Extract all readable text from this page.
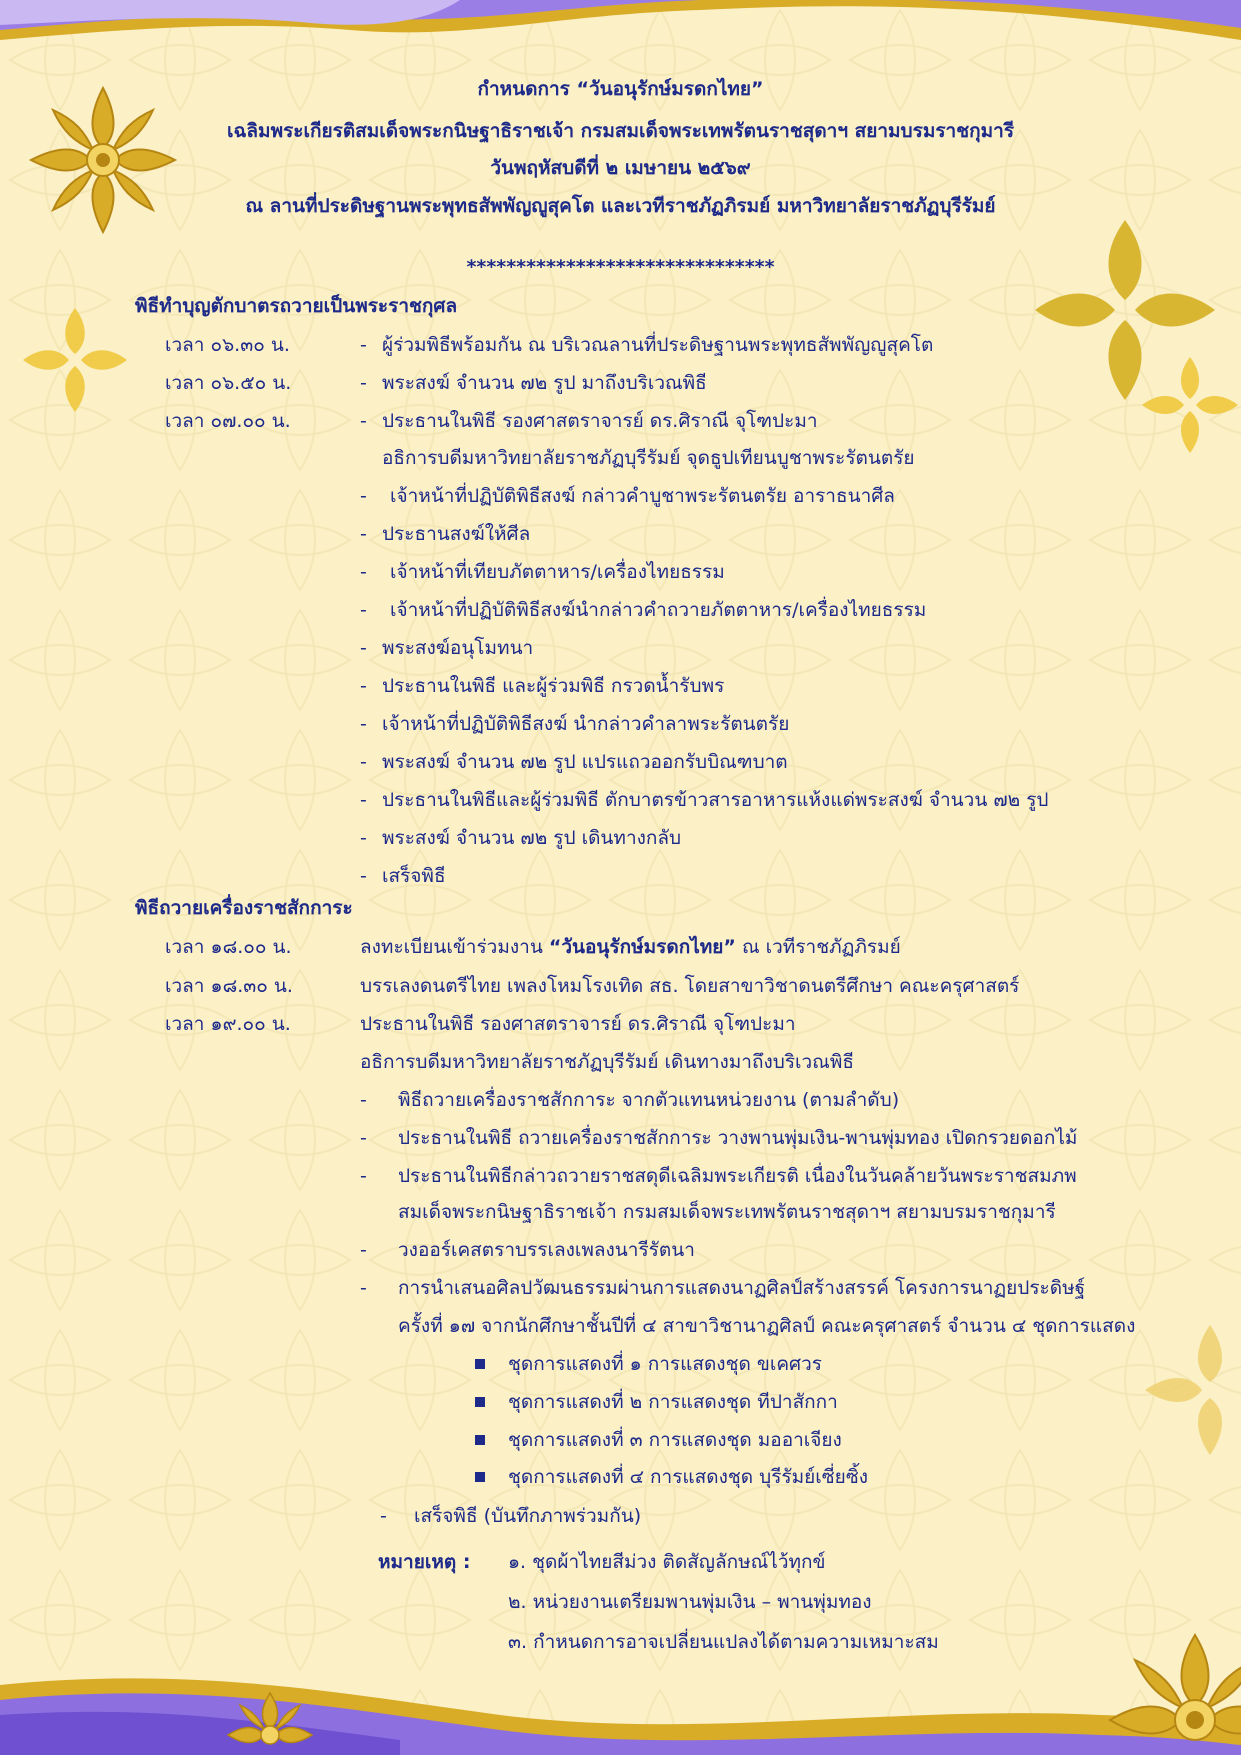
กำหนดการ “วันอนุรักษ์มรดกไทย”
เฉลิมพระเกียรติสมเด็จพระกนิษฐาธิราชเจ้า กรมสมเด็จพระเทพรัตนราชสุดาฯ สยามบรมราชกุมารี
วันพฤหัสบดีที่ ๒ เมษายน ๒๕๖๙
ณ ลานที่ประดิษฐานพระพุทธสัพพัญญูสุคโต และเวทีราชภัฏภิรมย์ มหาวิทยาลัยราชภัฏบุรีรัมย์
*******************************
พิธีทำบุญตักบาตรถวายเป็นพระราชกุศล
เวลา ๐๖.๓๐ น.	- ผู้ร่วมพิธีพร้อมกัน ณ บริเวณลานที่ประดิษฐานพระพุทธสัพพัญญูสุคโต
เวลา ๐๖.๕๐ น.	- พระสงฆ์ จำนวน ๗๒ รูป มาถึงบริเวณพิธี
เวลา ๐๗.๐๐ น.	- ประธานในพิธี รองศาสตราจารย์ ดร.ศิราณี จุโฑปะมา
อธิการบดีมหาวิทยาลัยราชภัฏบุรีรัมย์ จุดธูปเทียนบูชาพระรัตนตรัย
- เจ้าหน้าที่ปฏิบัติพิธีสงฆ์ กล่าวคำบูชาพระรัตนตรัย อาราธนาศีล
- ประธานสงฆ์ให้ศีล
- เจ้าหน้าที่เทียบภัตตาหาร/เครื่องไทยธรรม
- เจ้าหน้าที่ปฏิบัติพิธีสงฆ์นำกล่าวคำถวายภัตตาหาร/เครื่องไทยธรรม
- พระสงฆ์อนุโมทนา
- ประธานในพิธี และผู้ร่วมพิธี กรวดน้ำรับพร
- เจ้าหน้าที่ปฏิบัติพิธีสงฆ์ นำกล่าวคำลาพระรัตนตรัย
- พระสงฆ์ จำนวน ๗๒ รูป แปรแถวออกรับบิณฑบาต
- ประธานในพิธีและผู้ร่วมพิธี ตักบาตรข้าวสารอาหารแห้งแด่พระสงฆ์ จำนวน ๗๒ รูป
- พระสงฆ์ จำนวน ๗๒ รูป เดินทางกลับ
- เสร็จพิธี
พิธีถวายเครื่องราชสักการะ
เวลา ๑๘.๐๐ น.	ลงทะเบียนเข้าร่วมงาน “วันอนุรักษ์มรดกไทย” ณ เวทีราชภัฏภิรมย์
เวลา ๑๘.๓๐ น.	บรรเลงดนตรีไทย เพลงโหมโรงเทิด สธ. โดยสาขาวิชาดนตรีศึกษา คณะครุศาสตร์
เวลา ๑๙.๐๐ น.	ประธานในพิธี รองศาสตราจารย์ ดร.ศิราณี จุโฑปะมา
อธิการบดีมหาวิทยาลัยราชภัฏบุรีรัมย์ เดินทางมาถึงบริเวณพิธี
- พิธีถวายเครื่องราชสักการะ จากตัวแทนหน่วยงาน (ตามลำดับ)
- ประธานในพิธี ถวายเครื่องราชสักการะ วางพานพุ่มเงิน-พานพุ่มทอง เปิดกรวยดอกไม้
- ประธานในพิธีกล่าวถวายราชสดุดีเฉลิมพระเกียรติ เนื่องในวันคล้ายวันพระราชสมภพ
สมเด็จพระกนิษฐาธิราชเจ้า กรมสมเด็จพระเทพรัตนราชสุดาฯ สยามบรมราชกุมารี
- วงออร์เคสตราบรรเลงเพลงนารีรัตนา
- การนำเสนอศิลปวัฒนธรรมผ่านการแสดงนาฏศิลป์สร้างสรรค์ โครงการนาฏยประดิษฐ์
ครั้งที่ ๑๗ จากนักศึกษาชั้นปีที่ ๔ สาขาวิชานาฏศิลป์ คณะครุศาสตร์ จำนวน ๔ ชุดการแสดง
ชุดการแสดงที่ ๑ การแสดงชุด ขเคศวร
ชุดการแสดงที่ ๒ การแสดงชุด ทีปาสักกา
ชุดการแสดงที่ ๓ การแสดงชุด มออาเจียง
ชุดการแสดงที่ ๔ การแสดงชุด บุรีรัมย์เซี่ยซิ้ง
- เสร็จพิธี (บันทึกภาพร่วมกัน)
หมายเหตุ : ๑. ชุดผ้าไทยสีม่วง ติดสัญลักษณ์ไว้ทุกข์
๒. หน่วยงานเตรียมพานพุ่มเงิน – พานพุ่มทอง
๓. กำหนดการอาจเปลี่ยนแปลงได้ตามความเหมาะสม
